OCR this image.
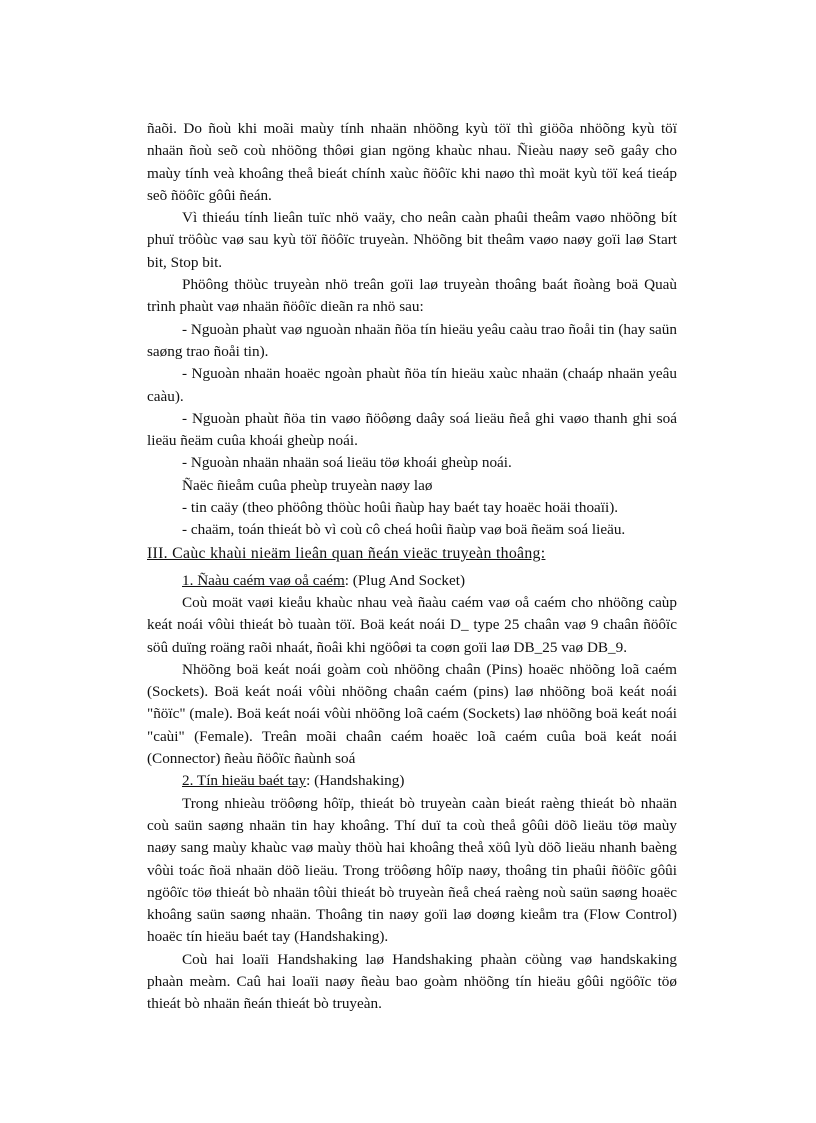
ñaõi. Do ñoù khi moãi maùy tính nhaän nhöõng kyù töï thì giöõa nhöõng kyù töï nhaän ñoù seõ coù nhöõng thôøi gian ngöng khaùc nhau. Ñieàu naøy seõ gaây cho maùy tính veà khoâng theå bieát chính xaùc ñöôïc khi naøo thì moät kyù töï keá tieáp seõ ñöôïc gôûi ñeán.

Vì thieáu tính lieân tuïc nhö vaäy, cho neân caàn phaûi theâm vaøo nhöõng bít phuï tröôùc vaø sau kyù töï ñöôïc truyeàn. Nhöõng bit theâm vaøo naøy goïi laø Start bit, Stop bit.

Phöông thöùc truyeàn nhö treân goïi laø truyeàn thoâng baát ñoàng boä Quaù trình phaùt vaø nhaän ñöôïc dieãn ra nhö sau:

- Nguoàn phaùt vaø nguoàn nhaän ñöa tín hieäu yeâu caàu trao ñoåi tin (hay saün saøng trao ñoåi tin).

- Nguoàn nhaän hoaëc ngoàn phaùt ñöa tín hieäu xaùc nhaän (chaáp nhaän yeâu caàu).

- Nguoàn phaùt ñöa tin vaøo ñöôøng daây soá lieäu ñeå ghi vaøo thanh ghi soá lieäu ñeäm cuûa khoái gheùp noái.

- Nguoàn nhaän nhaän soá lieäu töø khoái gheùp noái.

Ñaëc ñieåm cuûa pheùp truyeàn naøy laø

- tin caäy (theo phöông thöùc hoûi ñaùp hay baét tay hoaëc hoäi thoaïi).

- chaäm, toán thieát bò vì coù cô cheá hoûi ñaùp vaø boä ñeäm soá lieäu.

III. Caùc khaùi nieäm lieân quan ñeán vieäc truyeàn thoâng:

1. Ñaàu caém vaø oå caém: (Plug And Socket)

Coù moät vaøi kieåu khaùc nhau veà ñaàu caém vaø oå caém cho nhöõng caùp keát noái vôùi thieát bò tuaàn töï. Boä keát noái D_ type 25 chaân vaø 9 chaân ñöôïc söû duïng roäng raõi nhaát, ñoâi khi ngöôøi ta coøn goïi laø DB_25 vaø DB_9.

Nhöõng boä keát noái goàm coù nhöõng chaân (Pins) hoaëc nhöõng loã caém (Sockets). Boä keát noái vôùi nhöõng chaân caém (pins) laø nhöõng boä keát noái "ñöïc" (male). Boä keát noái vôùi nhöõng loã caém (Sockets) laø nhöõng boä keát noái "caùi" (Female). Treân moãi chaân caém hoaëc loã caém cuûa boä keát noái (Connector) ñeàu ñöôïc ñaùnh soá

2. Tín hieäu baét tay: (Handshaking)

Trong nhieàu tröôøng hôïp, thieát bò truyeàn caàn bieát raèng thieát bò nhaän coù saün saøng nhaän tin hay khoâng. Thí duï ta coù theå gôûi döõ lieäu töø maùy naøy sang maùy khaùc vaø maùy thöù hai khoâng theå xöû lyù döõ lieäu nhanh baèng vôùi toác ñoä nhaän döõ lieäu. Trong tröôøng hôïp naøy, thoâng tin phaûi ñöôïc gôûi ngöôïc töø thieát bò nhaän tôùi thieát bò truyeàn ñeå cheá raèng noù saün saøng hoaëc khoâng saün saøng nhaän. Thoâng tin naøy goïi laø doøng kieåm tra (Flow Control) hoaëc tín hieäu baét tay (Handshaking).

Coù hai loaïi Handshaking laø Handshaking phaàn cöùng vaø handskaking phaàn meàm. Caû hai loaïi naøy ñeàu bao goàm nhöõng tín hieäu gôûi ngöôïc töø thieát bò nhaän ñeán thieát bò truyeàn.
